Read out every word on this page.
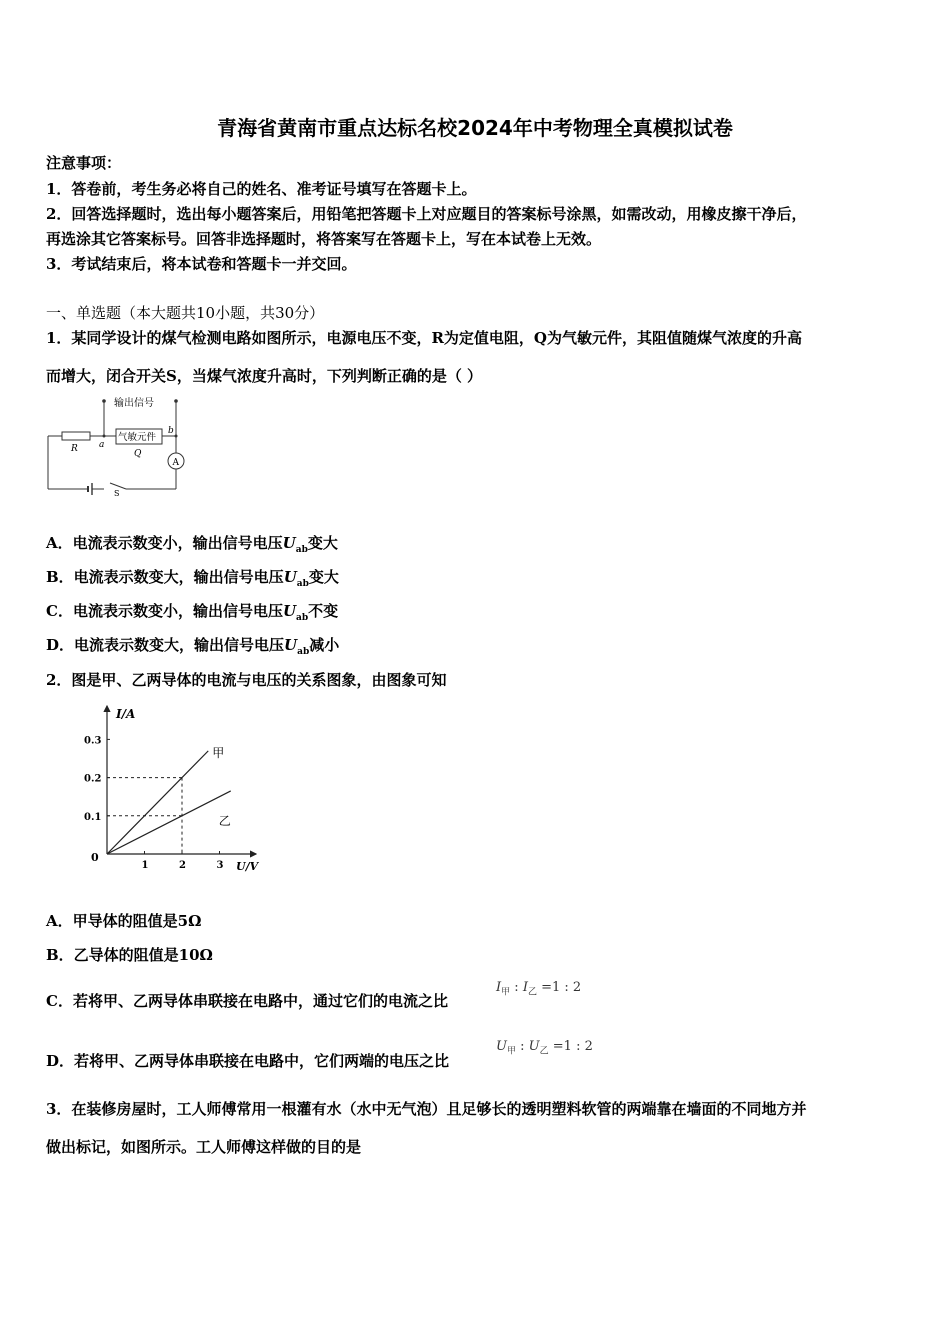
青海省黄南市重点达标名校2024年中考物理全真模拟试卷
注意事项：
1．答卷前，考生务必将自己的姓名、准考证号填写在答题卡上。
2．回答选择题时，选出每小题答案后，用铅笔把答题卡上对应题目的答案标号涂黑，如需改动，用橡皮擦干净后，
再选涂其它答案标号。回答非选择题时，将答案写在答题卡上，写在本试卷上无效。
3．考试结束后，将本试卷和答题卡一并交回。
一、单选题（本大题共10小题，共30分）
1．某同学设计的煤气检测电路如图所示，电源电压不变，R为定值电阻，Q为气敏元件，其阻值随煤气浓度的升高
而增大，闭合开关S，当煤气浓度升高时，下列判断正确的是（ ）
输出信号
气敏元件
R	Q
a
b
A
S
A．电流表示数变小，输出信号电压$U_{ab}$变大
B．电流表示数变大，输出信号电压$U_{ab}$变大
C．电流表示数变小，输出信号电压$U_{ab}$不变
D．电流表示数变大，输出信号电压$U_{ab}$减小
2．图是甲、乙两导体的电流与电压的关系图象，由图象可知
I/A
U/V
0
1	2	3
0.1
0.2
0.3
甲
乙
A．甲导体的阻值是5Ω
B．乙导体的阻值是10Ω
C．若将甲、乙两导体串联接在电路中，通过它们的电流之比
$I_甲$ : $I_乙 =1$ : 2
D．若将甲、乙两导体串联接在电路中，它们两端的电压之比
$U_甲$ : $U_乙 =1$ : 2
3．在装修房屋时，工人师傅常用一根灌有水（水中无气泡）且足够长的透明塑料软管的两端靠在墙面的不同地方并
做出标记，如图所示。工人师傅这样做的目的是
